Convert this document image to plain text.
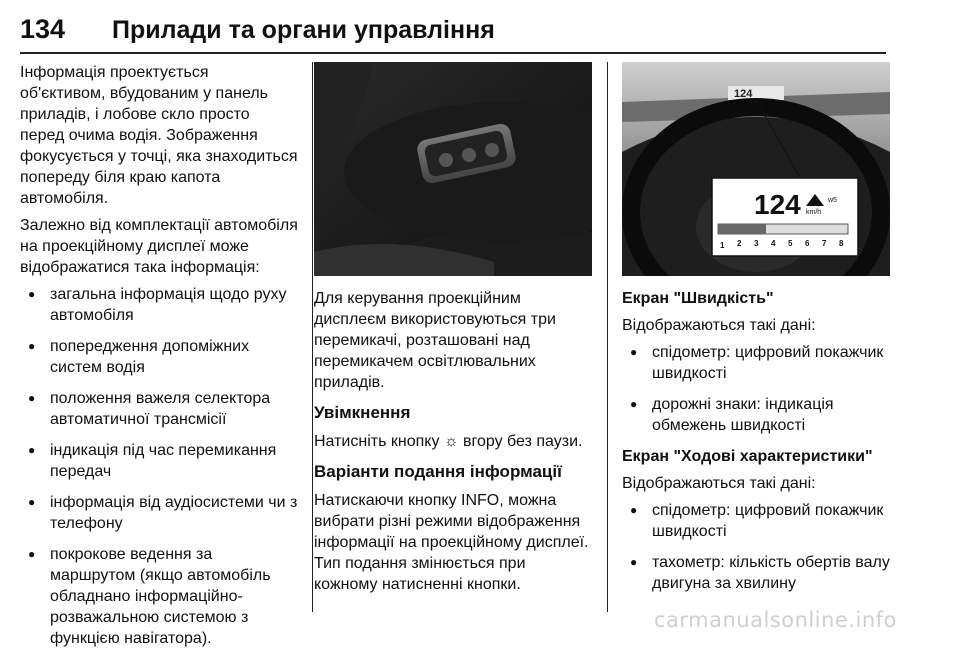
134 Прилади та органи управління

Інформація проектується об'єктивом, вбудованим у панель приладів, і лобове скло просто перед очима водія. Зображення фокусується у точці, яка знаходиться попереду біля краю капота автомобіля.

Залежно від комплектації автомобіля на проекційному дисплеї може відображатися така інформація:

● загальна інформація щодо руху автомобіля
● попередження допоміжних систем водія
● положення важеля селектора автоматичної трансмісії
● індикація під час перемикання передач
● інформація від аудіосистеми чи з телефону
● покрокове ведення за маршрутом (якщо автомобіль обладнано інформаційно-розважальною системою з функцією навігатора).

Для керування проекційним дисплеєм використовуються три перемикачі, розташовані над перемикачем освітлювальних приладів.

Увімкнення

Натисніть кнопку ☼ вгору без паузи.

Варіанти подання інформації

Натискаючи кнопку INFO, можна вибрати різні режими відображення інформації на проекційному дисплеї. Тип подання змінюється при кожному натисненні кнопки.

124
124 km/h
w5
1 2 3 4 5 6 7 8

Екран "Швидкість"

Відображаються такі дані:

● спідометр: цифровий покажчик швидкості
● дорожні знаки: індикація обмежень швидкості

Екран "Ходові характеристики"

Відображаються такі дані:

● спідометр: цифровий покажчик швидкості
● тахометр: кількість обертів валу двигуна за хвилину
carmanualsonline.info
